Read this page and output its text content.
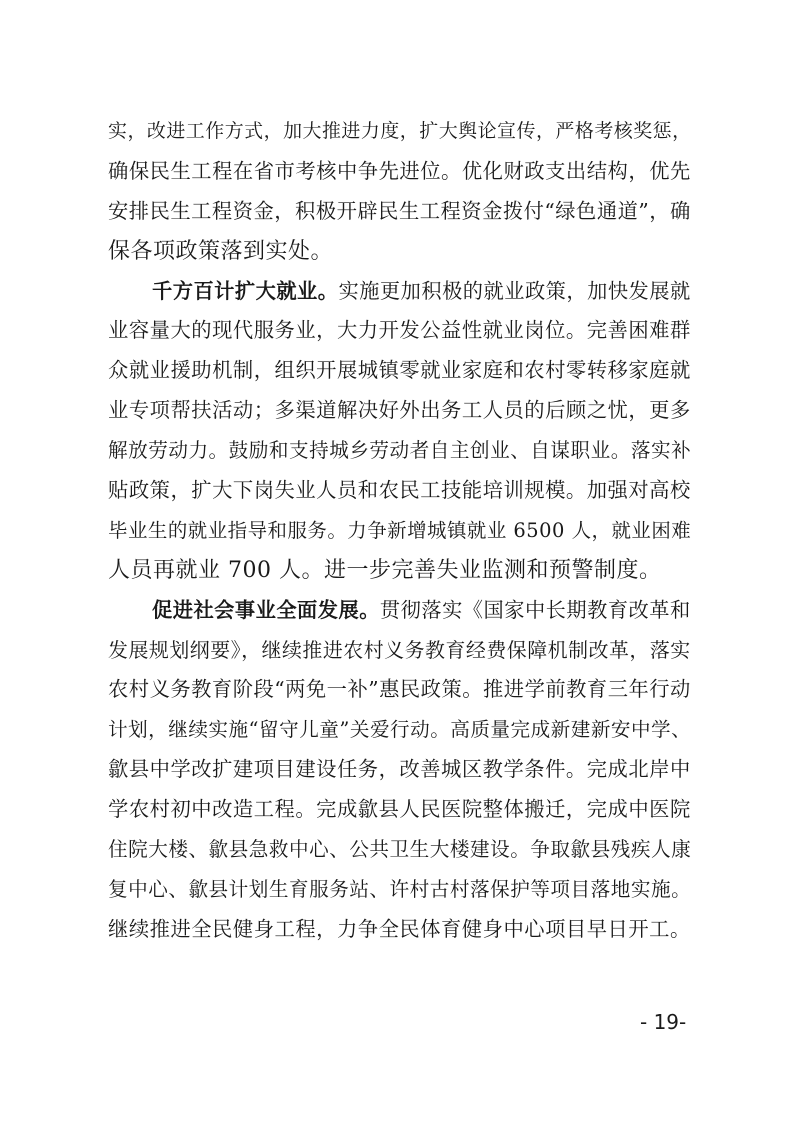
实，改进工作方式，加大推进力度，扩大舆论宣传，严格考核奖惩，
确保民生工程在省市考核中争先进位。优化财政支出结构，优先
安排民生工程资金，积极开辟民生工程资金拨付“绿色通道”，确
保各项政策落到实处。
千方百计扩大就业。实施更加积极的就业政策，加快发展就
业容量大的现代服务业，大力开发公益性就业岗位。完善困难群
众就业援助机制，组织开展城镇零就业家庭和农村零转移家庭就
业专项帮扶活动；多渠道解决好外出务工人员的后顾之忧，更多
解放劳动力。鼓励和支持城乡劳动者自主创业、自谋职业。落实补
贴政策，扩大下岗失业人员和农民工技能培训规模。加强对高校
毕业生的就业指导和服务。力争新增城镇就业 6500 人，就业困难
人员再就业 700 人。进一步完善失业监测和预警制度。
促进社会事业全面发展。贯彻落实《国家中长期教育改革和
发展规划纲要》，继续推进农村义务教育经费保障机制改革，落实
农村义务教育阶段“两免一补”惠民政策。推进学前教育三年行动
计划，继续实施“留守儿童”关爱行动。高质量完成新建新安中学、
歙县中学改扩建项目建设任务，改善城区教学条件。完成北岸中
学农村初中改造工程。完成歙县人民医院整体搬迁，完成中医院
住院大楼、歙县急救中心、公共卫生大楼建设。争取歙县残疾人康
复中心、歙县计划生育服务站、许村古村落保护等项目落地实施。
继续推进全民健身工程，力争全民体育健身中心项目早日开工。
- 19-
